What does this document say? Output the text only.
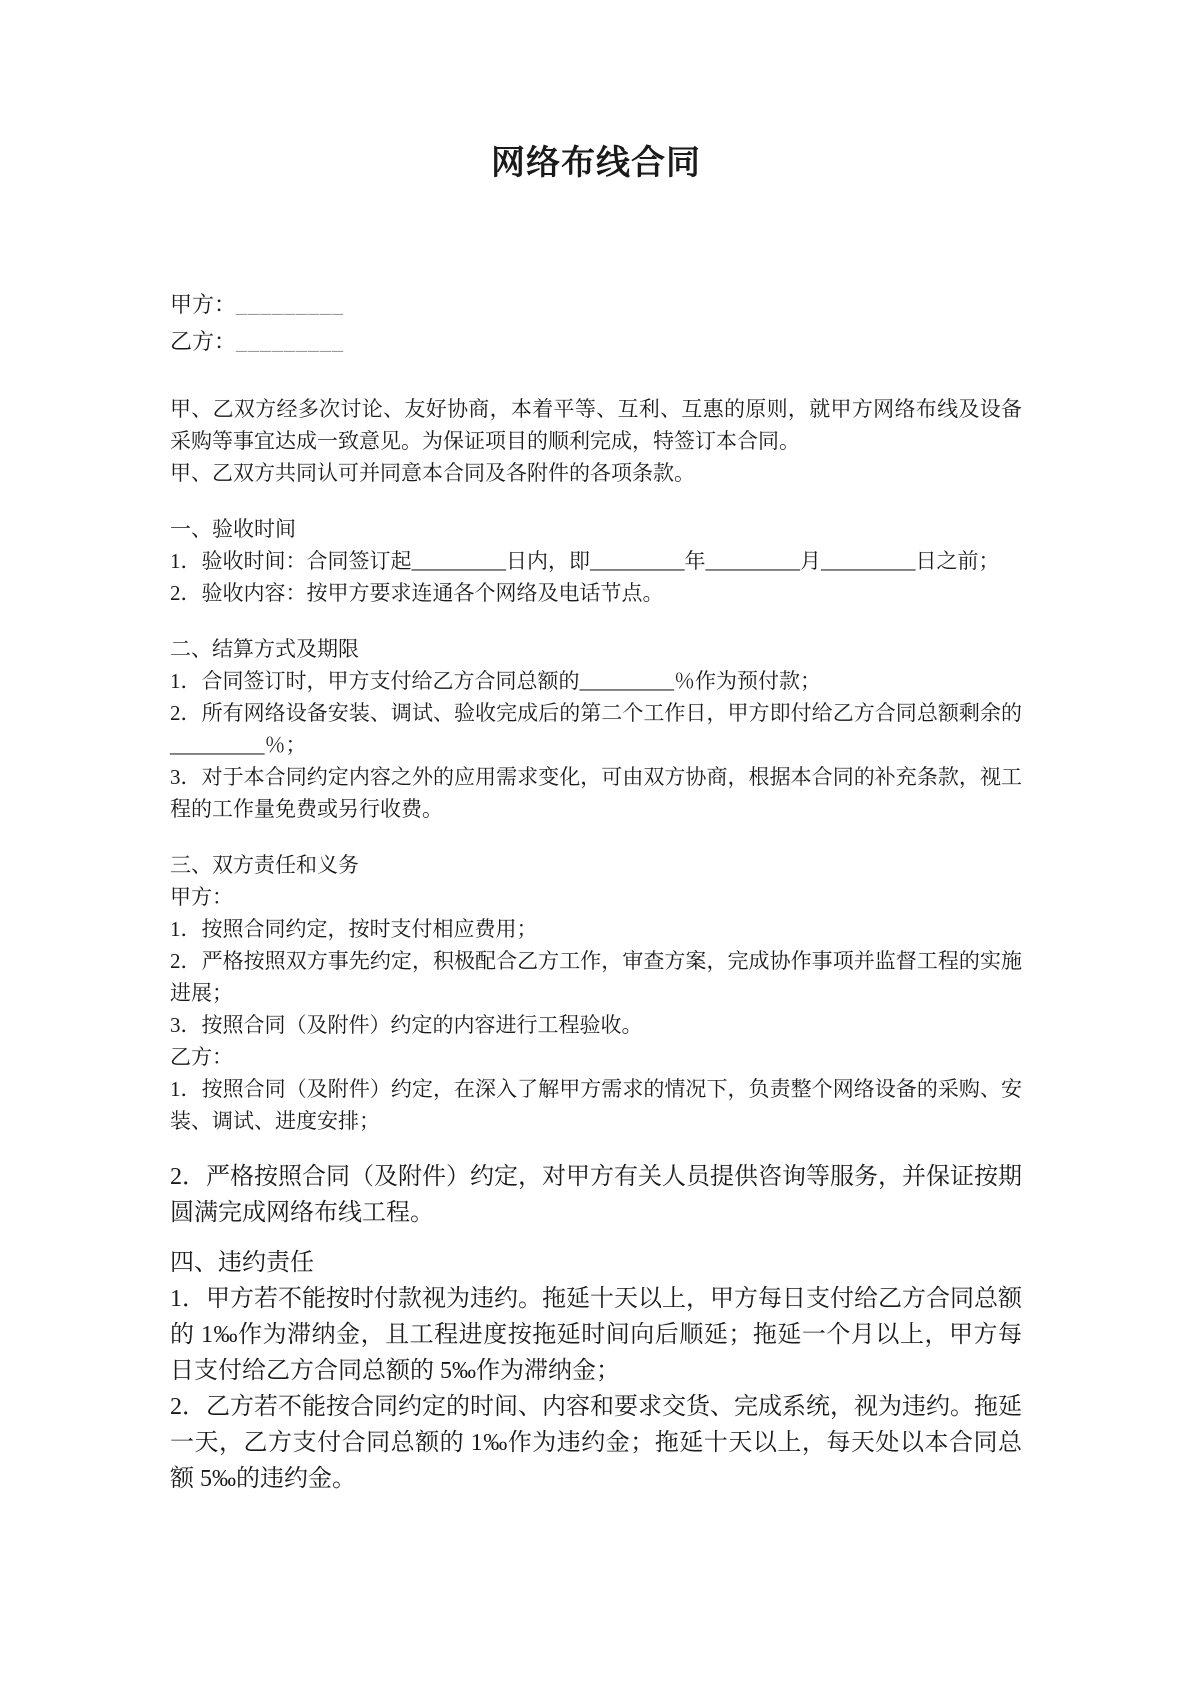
网络布线合同
甲方：_________
乙方：_________

甲、乙双方经多次讨论、友好协商，本着平等、互利、互惠的原则，就甲方网络布线及设备采购等事宜达成一致意见。为保证项目的顺利完成，特签订本合同。

甲、乙双方共同认可并同意本合同及各附件的各项条款。

一、验收时间

1．验收时间：合同签订起_________日内，即_________年_________月_________日之前；

2．验收内容：按甲方要求连通各个网络及电话节点。

二、结算方式及期限

1．合同签订时，甲方支付给乙方合同总额的_________％作为预付款；

2．所有网络设备安装、调试、验收完成后的第二个工作日，甲方即付给乙方合同总额剩余的_________％；

3．对于本合同约定内容之外的应用需求变化，可由双方协商，根据本合同的补充条款，视工程的工作量免费或另行收费。

三、双方责任和义务

甲方：

1．按照合同约定，按时支付相应费用；

2．严格按照双方事先约定，积极配合乙方工作，审查方案，完成协作事项并监督工程的实施进展；

3．按照合同（及附件）约定的内容进行工程验收。

乙方：

1．按照合同（及附件）约定，在深入了解甲方需求的情况下，负责整个网络设备的采购、安装、调试、进度安排；

2．严格按照合同（及附件）约定，对甲方有关人员提供咨询等服务，并保证按期圆满完成网络布线工程。

四、违约责任

1．甲方若不能按时付款视为违约。拖延十天以上，甲方每日支付给乙方合同总额的 1‰作为滞纳金，且工程进度按拖延时间向后顺延；拖延一个月以上，甲方每日支付给乙方合同总额的 5‰作为滞纳金；

2．乙方若不能按合同约定的时间、内容和要求交货、完成系统，视为违约。拖延一天，乙方支付合同总额的 1‰作为违约金；拖延十天以上，每天处以本合同总额 5‰的违约金。
